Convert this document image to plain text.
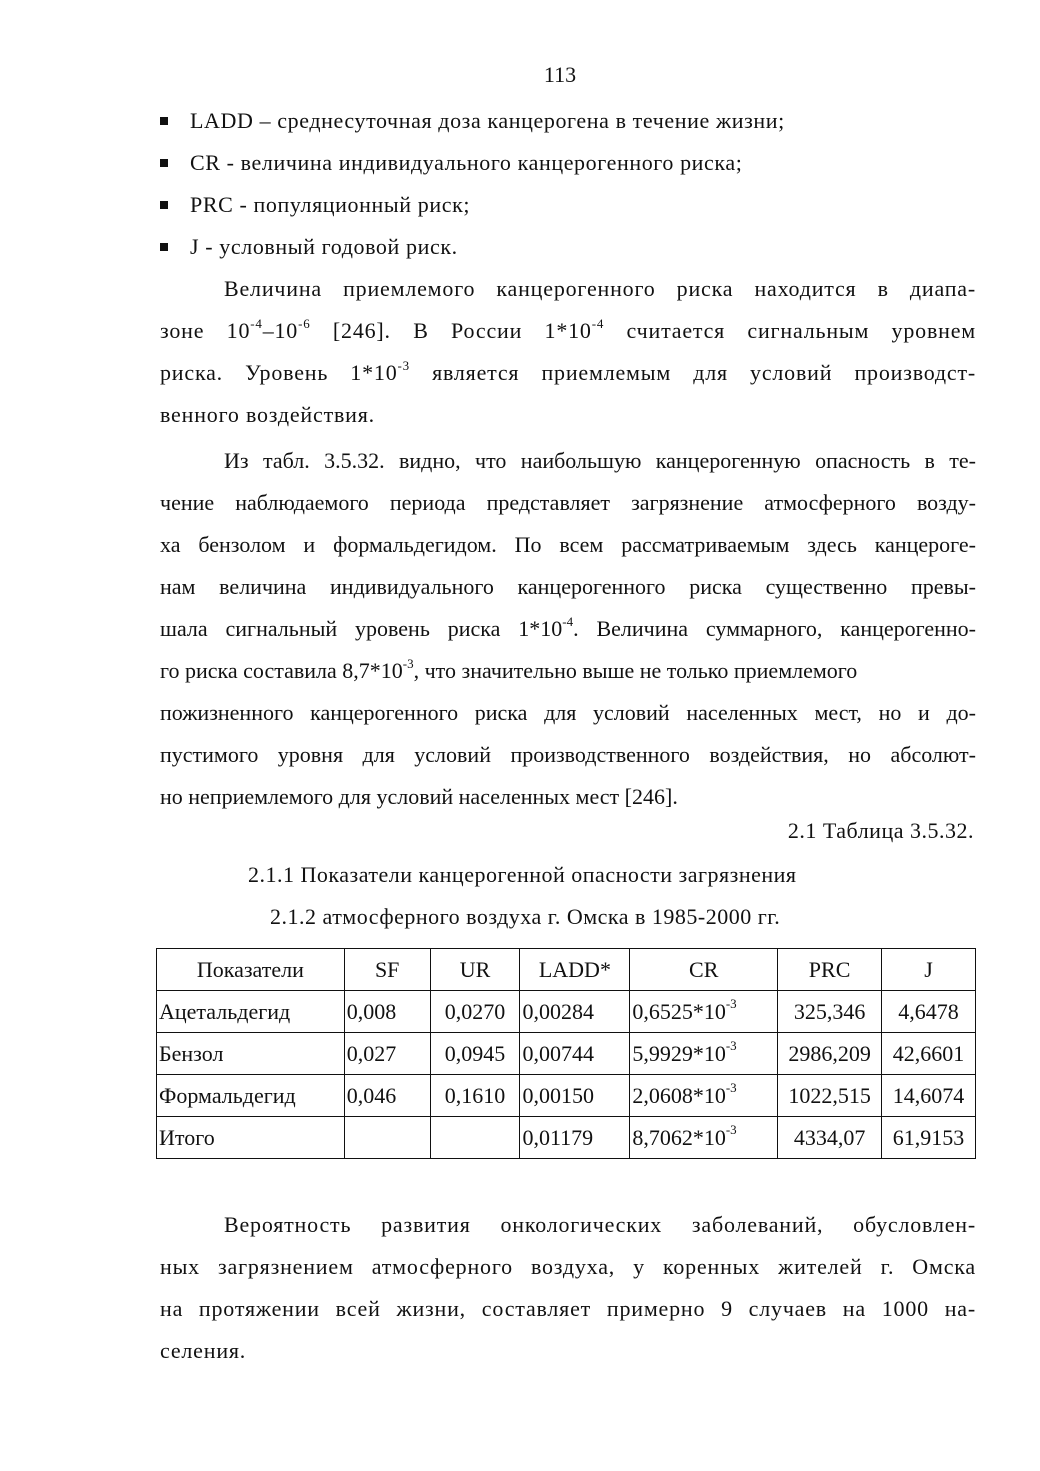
113
LADD – среднесуточная доза канцерогена в течение жизни;
CR - величина индивидуального канцерогенного риска;
PRC - популяционный риск;
J - условный годовой риск.
Величина приемлемого канцерогенного риска находится в диапа-
зоне $10^{-4}-10^{-6}$ [246]. В России $1*10^{-4}$ считается сигнальным уровнем
риска. Уровень $1*10^{-3}$ является приемлемым для условий производст-
венного воздействия.
Из табл. 3.5.32. видно, что наибольшую канцерогенную опасность в те-
чение наблюдаемого периода представляет загрязнение атмосферного возду-
ха бензолом и формальдегидом. По всем рассматриваемым здесь канцероге-
нам величина индивидуального канцерогенного риска существенно превы-
шала сигнальный уровень риска $1*10^{-4}$. Величина суммарного, канцерогенно-
го риска составила $8,7*10^{-3}$, что значительно выше не только приемлемого
пожизненного канцерогенного риска для условий населенных мест, но и до-
пустимого уровня для условий производственного воздействия, но абсолют-
но неприемлемого для условий населенных мест [246].
2.1 Таблица 3.5.32.
2.1.1 Показатели канцерогенной опасности загрязнения
2.1.2 атмосферного воздуха г. Омска в 1985-2000 гг.
Показатели	SF	UR	LADD*	CR	PRC	J
Ацетальдегид	0,008	0,0270	0,00284	$0,6525*10^{-3}$	325,346	4,6478
Бензол	0,027	0,0945	0,00744	$5,9929*10^{-3}$	2986,209	42,6601
Формальдегид	0,046	0,1610	0,00150	$2,0608*10^{-3}$	1022,515	14,6074
Итого			0,01179	$8,7062*10^{-3}$	4334,07	61,9153
Вероятность развития онкологических заболеваний, обусловлен-
ных загрязнением атмосферного воздуха, у коренных жителей г. Омска
на протяжении всей жизни, составляет примерно 9 случаев на 1000 на-
селения.
